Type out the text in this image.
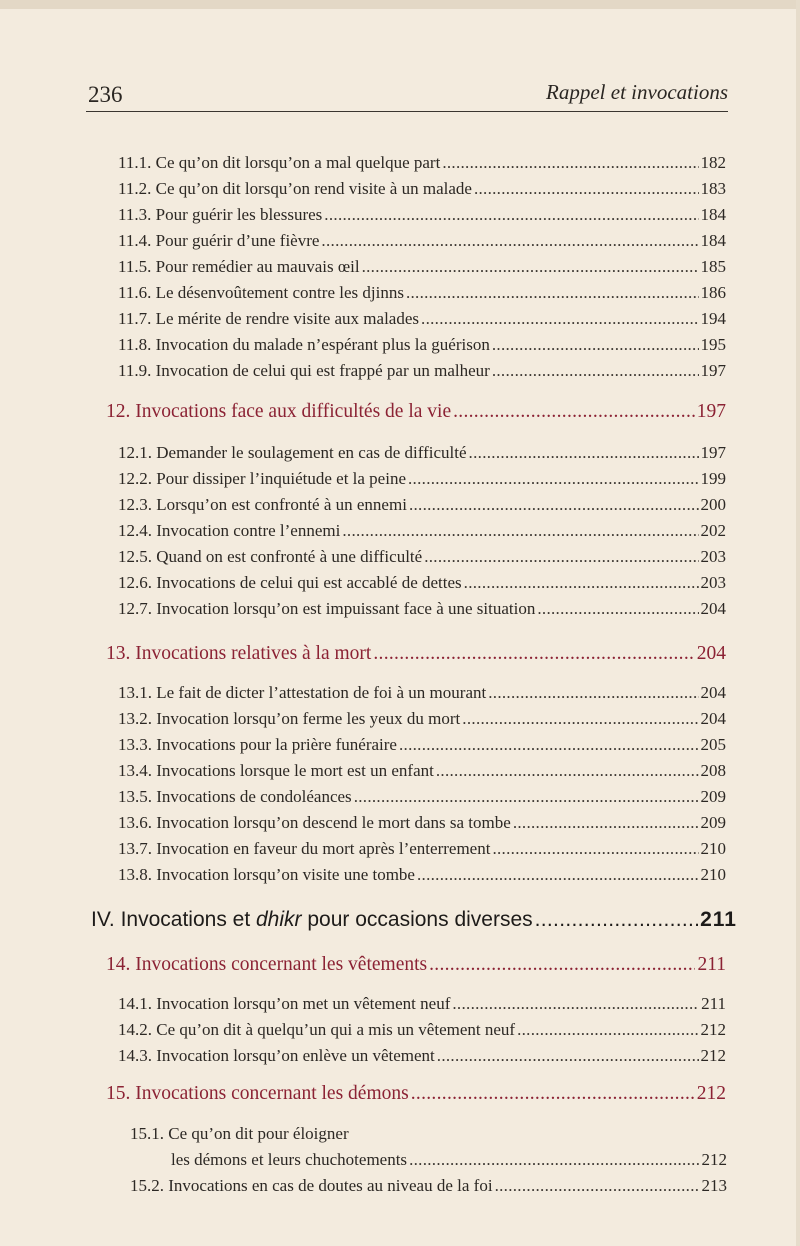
236	Rappel et invocations
11.1. Ce qu’on dit lorsqu’on a mal quelque part .....	182
11.2. Ce qu’on dit lorsqu’on rend visite à un malade .....	183
11.3. Pour guérir les blessures .....	184
11.4. Pour guérir d’une fièvre .....	184
11.5. Pour remédier au mauvais œil .....	185
11.6. Le désenvoûtement contre les djinns .....	186
11.7. Le mérite de rendre visite aux malades .....	194
11.8. Invocation du malade n’espérant plus la guérison .....	195
11.9. Invocation de celui qui est frappé par un malheur .....	197
12. Invocations face aux difficultés de la vie .....	197
12.1. Demander le soulagement en cas de difficulté .....	197
12.2. Pour dissiper l’inquiétude et la peine .....	199
12.3. Lorsqu’on est confronté à un ennemi .....	200
12.4. Invocation contre l’ennemi .....	202
12.5. Quand on est confronté à une difficulté .....	203
12.6. Invocations de celui qui est accablé de dettes .....	203
12.7. Invocation lorsqu’on est impuissant face à une situation .....	204
13. Invocations relatives à la mort .....	204
13.1. Le fait de dicter l’attestation de foi à un mourant .....	204
13.2. Invocation lorsqu’on ferme les yeux du mort .....	204
13.3. Invocations pour la prière funéraire .....	205
13.4. Invocations lorsque le mort est un enfant .....	208
13.5. Invocations de condoléances .....	209
13.6. Invocation lorsqu’on descend le mort dans sa tombe .....	209
13.7. Invocation en faveur du mort après l’enterrement .....	210
13.8. Invocation lorsqu’on visite une tombe .....	210
IV. Invocations et dhikr pour occasions diverses .....	211
14. Invocations concernant les vêtements .....	211
14.1. Invocation lorsqu’on met un vêtement neuf .....	211
14.2. Ce qu’on dit à quelqu’un qui a mis un vêtement neuf .....	212
14.3. Invocation lorsqu’on enlève un vêtement .....	212
15. Invocations concernant les démons .....	212
15.1. Ce qu’on dit pour éloigner
les démons et leurs chuchotements .....	212
15.2. Invocations en cas de doutes au niveau de la foi .....	213
